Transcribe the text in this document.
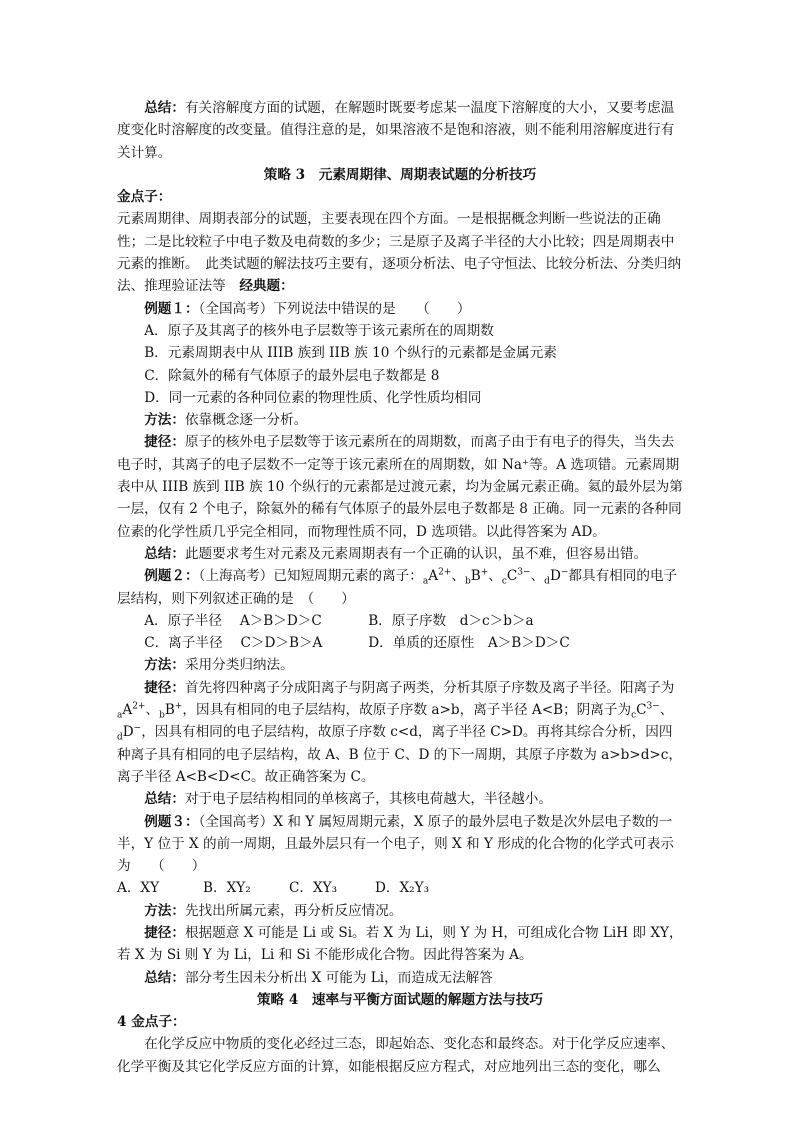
总结：有关溶解度方面的试题，在解题时既要考虑某一温度下溶解度的大小，又要考虑温度变化时溶解度的改变量。值得注意的是，如果溶液不是饱和溶液，则不能利用溶解度进行有关计算。

策略 3　元素周期律、周期表试题的分析技巧

金点子：

元素周期律、周期表部分的试题，主要表现在四个方面。一是根据概念判断一些说法的正确性；二是比较粒子中电子数及电荷数的多少；三是原子及离子半径的大小比较；四是周期表中元素的推断。　此类试题的解法技巧主要有，逐项分析法、电子守恒法、比较分析法、分类归纳法、推理验证法等　 经典题：

例题１：（全国高考）下列说法中错误的是　　（　　）

A．原子及其离子的核外电子层数等于该元素所在的周期数

B．元素周期表中从 IIIB 族到 IIB 族 10 个纵行的元素都是金属元素

C．除氦外的稀有气体原子的最外层电子数都是 8

D．同一元素的各种同位素的物理性质、化学性质均相同

方法：依靠概念逐一分析。

捷径：原子的核外电子层数等于该元素所在的周期数，而离子由于有电子的得失，当失去电子时，其离子的电子层数不一定等于该元素所在的周期数，如 Na⁺等。A 选项错。元素周期表中从 IIIB 族到 IIB 族 10 个纵行的元素都是过渡元素，均为金属元素正确。氦的最外层为第一层，仅有 2 个电子，除氦外的稀有气体原子的最外层电子数都是 8 正确。同一元素的各种同位素的化学性质几乎完全相同，而物理性质不同，D 选项错。以此得答案为 AD。

总结：此题要求考生对元素及元素周期表有一个正确的认识，虽不难，但容易出错。

例题２：（上海高考）已知短周期元素的离子：$_aA^{2+}$、$_b$B+、$_cC^{3-}$、$_d$D−都具有相同的电子层结构，则下列叙述正确的是　（　　）

A．原子半径　 A＞B＞D＞C	B．原子序数　d＞c＞b＞a

C．离子半径　 C＞D＞B＞A	D．单质的还原性　A＞B＞D＞C

方法：采用分类归纳法。

捷径：首先将四种离子分成阳离子与阴离子两类，分析其原子序数及离子半径。阳离子为$_aA^{2+}$、$_b$B+，因具有相同的电子层结构，故原子序数 a>b，离子半径 A<B；阴离子为$_cC^{3-}$、$_d$D−，因具有相同的电子层结构，故原子序数 c<d，离子半径 C>D。再将其综合分析，因四种离子具有相同的电子层结构，故 A、B 位于 C、D 的下一周期，其原子序数为 a>b>d>c，离子半径 A<B<D<C。故正确答案为 C。

总结：对于电子层结构相同的单核离子，其核电荷越大，半径越小。

例题３：（全国高考）X 和 Y 属短周期元素，X 原子的最外层电子数是次外层电子数的一半，Y 位于 X 的前一周期，且最外层只有一个电子，则 X 和 Y 形成的化合物的化学式可表示为　　（　　）

A．XY	B．XY₂	C．XY₃	D．X₂Y₃

方法：先找出所属元素，再分析反应情况。

捷径：根据题意 X 可能是 Li 或 Si。若 X 为 Li，则 Y 为 H，可组成化合物 LiH 即 XY，若 X 为 Si 则 Y 为 Li，Li 和 Si 不能形成化合物。因此得答案为 A。

总结：部分考生因未分析出 X 可能为 Li，而造成无法解答

策略 4　速率与平衡方面试题的解题方法与技巧

4 金点子：

在化学反应中物质的变化必经过三态，即起始态、变化态和最终态。对于化学反应速率、化学平衡及其它化学反应方面的计算，如能根据反应方程式，对应地列出三态的变化，哪么
